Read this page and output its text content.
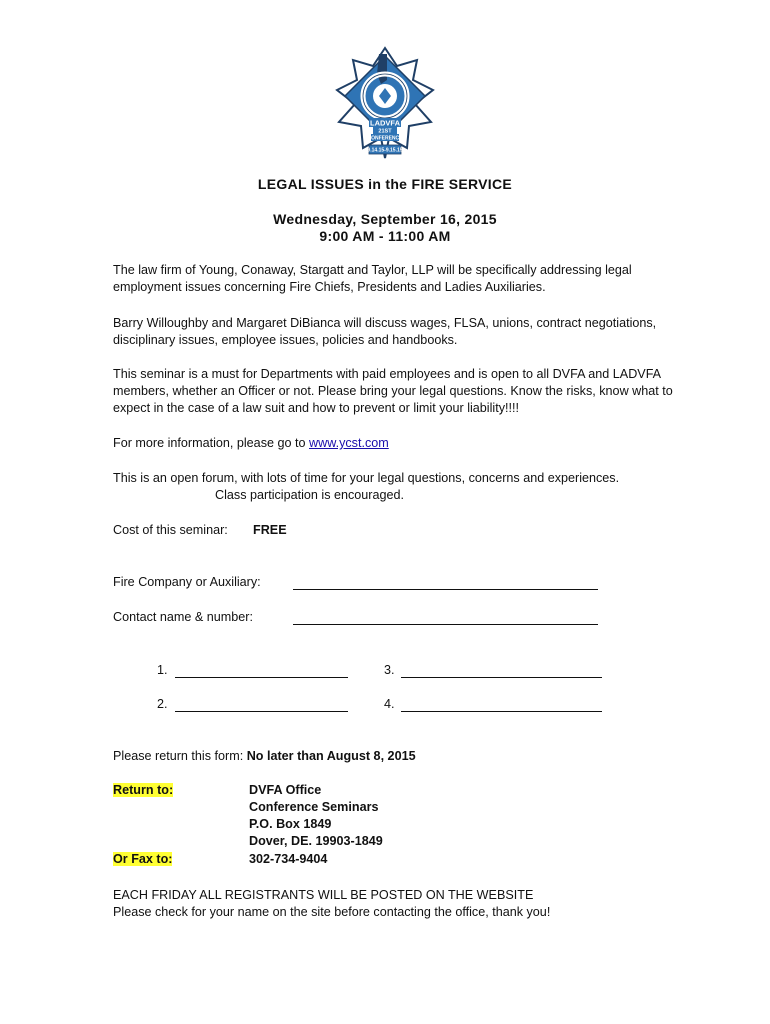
LADVFA
21ST
CONFERENCE
9.14.15-9.15.15
LEGAL ISSUES in the FIRE SERVICE
Wednesday, September 16, 2015
9:00 AM - 11:00 AM
The law firm of Young, Conaway, Stargatt and Taylor, LLP will be specifically addressing legal employment issues concerning Fire Chiefs, Presidents and Ladies Auxiliaries.
Barry Willoughby and Margaret DiBianca will discuss wages, FLSA, unions, contract negotiations, disciplinary issues, employee issues, policies and handbooks.
This seminar is a must for Departments with paid employees and is open to all DVFA and LADVFA members, whether an Officer or not. Please bring your legal questions. Know the risks, know what to expect in the case of a law suit and how to prevent or limit your liability!!!!
For more information, please go to www.ycst.com
This is an open forum, with lots of time for your legal questions, concerns and experiences.
Class participation is encouraged.
Cost of this seminar: FREE
Fire Company or Auxiliary:
Contact name & number:
1.	3.
2.	4.
Please return this form: No later than August 8, 2015
Return to:	DVFA Office
Conference Seminars
P.O. Box 1849
Dover, DE. 19903-1849
Or Fax to:	302-734-9404
EACH FRIDAY ALL REGISTRANTS WILL BE POSTED ON THE WEBSITE
Please check for your name on the site before contacting the office, thank you!
